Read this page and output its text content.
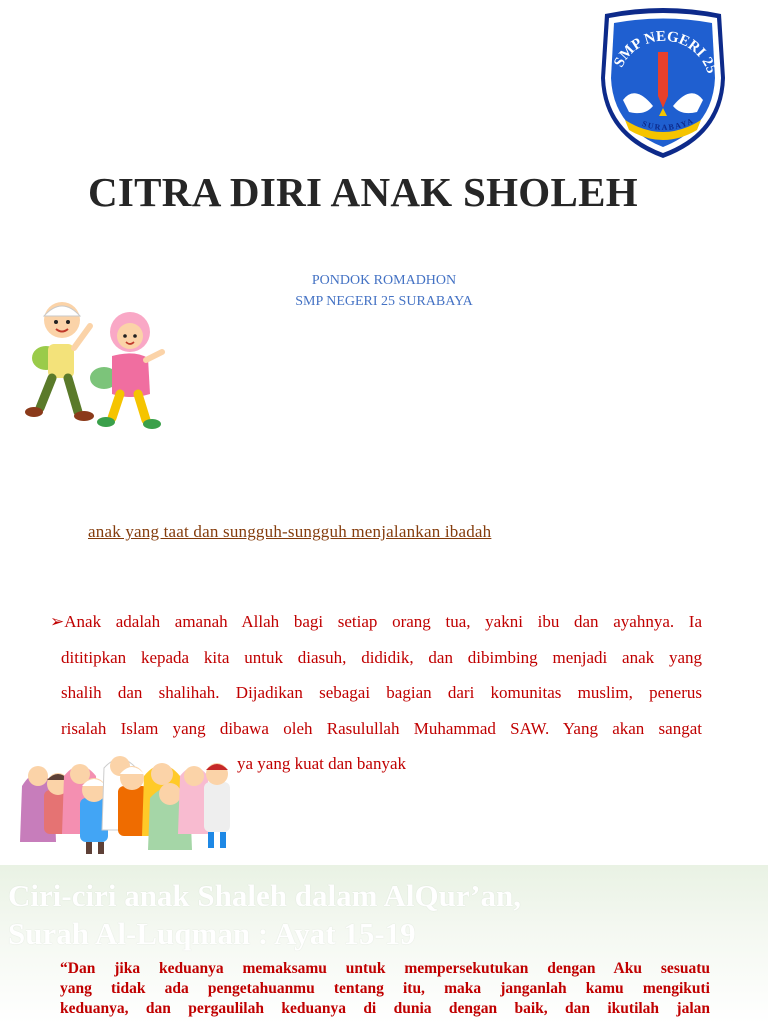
SMP NEGERI 25
SURABAYA
CITRA DIRI ANAK SHOLEH
PONDOK ROMADHON
SMP NEGERI 25 SURABAYA
anak yang taat dan sungguh-sungguh menjalankan ibadah
➢Anak adalah amanah Allah bagi setiap orang tua, yakni ibu dan ayahnya. Ia
dititipkan kepada kita untuk diasuh, dididik, dan dibimbing menjadi anak yang
shalih dan shalihah. Dijadikan sebagai bagian dari komunitas muslim, penerus
risalah Islam yang dibawa oleh Rasulullah Muhammad SAW. Yang akan sangat
ya yang kuat dan banyak
Ciri-ciri anak Shaleh dalam AlQur’an,
Surah Al-Luqman : Ayat 15-19
“Dan jika keduanya memaksamu untuk mempersekutukan dengan Aku sesuatu
yang tidak ada pengetahuanmu tentang itu, maka janganlah kamu mengikuti
keduanya, dan pergaulilah keduanya di dunia dengan baik, dan ikutilah jalan
